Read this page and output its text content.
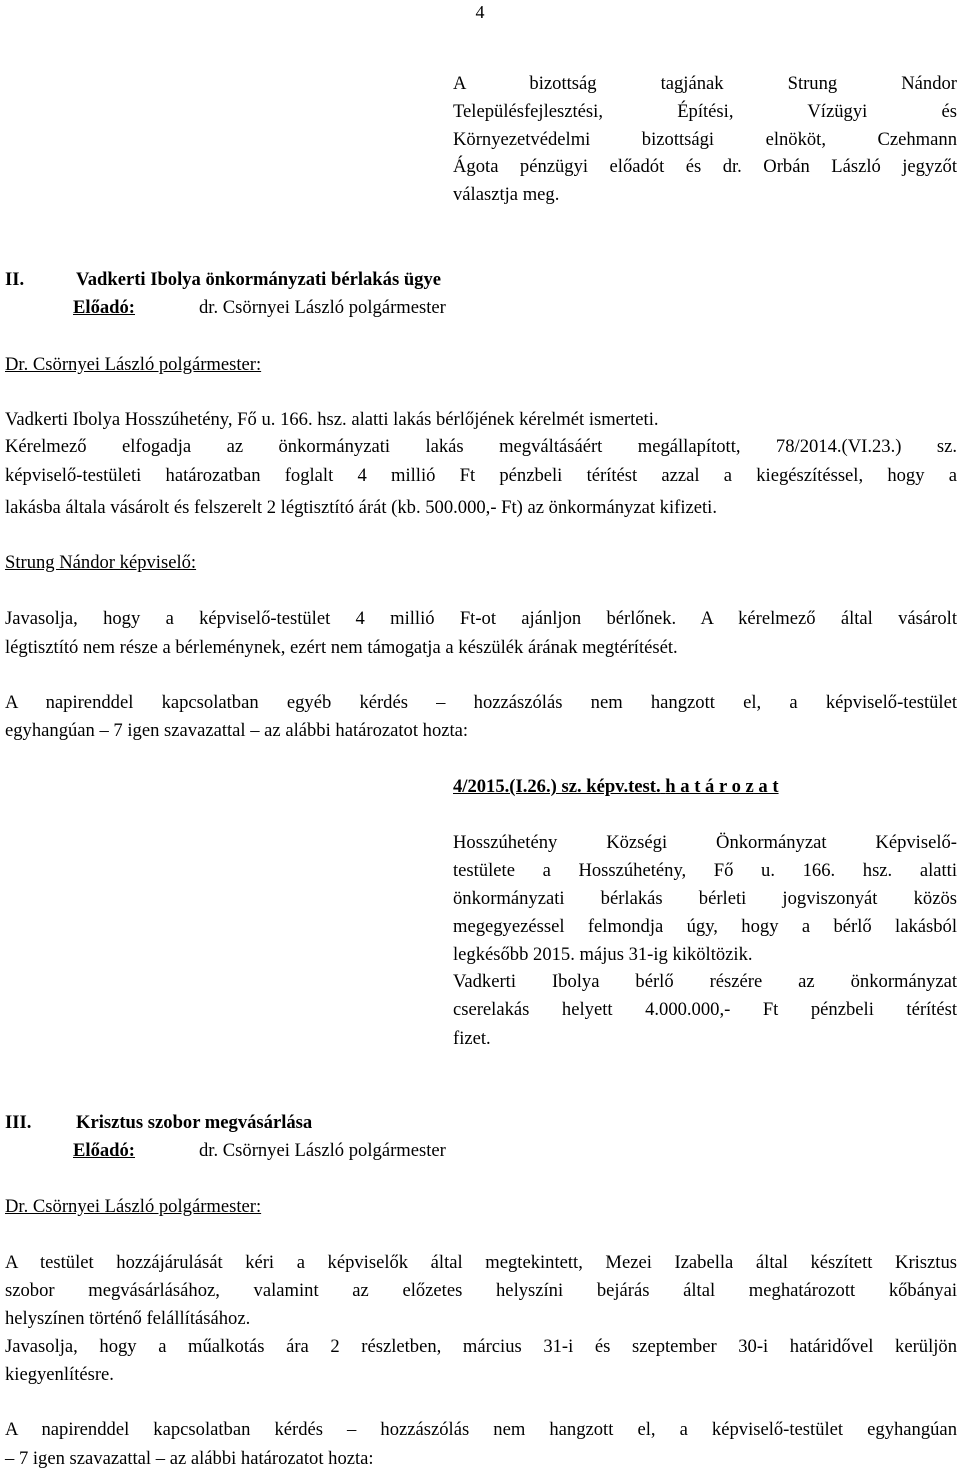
4
A bizottság tagjának Strung Nándor
Településfejlesztési, Építési, Vízügyi és
Környezetvédelmi bizottsági elnököt, Czehmann
Ágota pénzügyi előadót és dr. Orbán László jegyzőt
választja meg.
II.	Vadkerti Ibolya önkormányzati bérlakás ügye
Előadó:	dr. Csörnyei László polgármester
Dr. Csörnyei László polgármester:
Vadkerti Ibolya Hosszúhetény, Fő u. 166. hsz. alatti lakás bérlőjének kérelmét ismerteti.
Kérelmező elfogadja az önkormányzati lakás megváltásáért megállapított, 78/2014.(VI.23.) sz.
képviselő-testületi határozatban foglalt 4 millió Ft pénzbeli térítést azzal a kiegészítéssel, hogy a
lakásba általa vásárolt és felszerelt 2 légtisztító árát (kb. 500.000,- Ft) az önkormányzat kifizeti.
Strung Nándor képviselő:
Javasolja, hogy a képviselő-testület 4 millió Ft-ot ajánljon bérlőnek. A kérelmező által vásárolt
légtisztító nem része a bérleménynek, ezért nem támogatja a készülék árának megtérítését.
A napirenddel kapcsolatban egyéb kérdés – hozzászólás nem hangzott el, a képviselő-testület
egyhangúan – 7 igen szavazattal – az alábbi határozatot hozta:
4/2015.(I.26.) sz. képv.test. h a t á r o z a t
Hosszúhetény Községi Önkormányzat Képviselő-
testülete a Hosszúhetény, Fő u. 166. hsz. alatti
önkormányzati bérlakás bérleti jogviszonyát közös
megegyezéssel felmondja úgy, hogy a bérlő lakásból
legkésőbb 2015. május 31-ig kiköltözik.
Vadkerti Ibolya bérlő részére az önkormányzat
cserelakás helyett 4.000.000,- Ft pénzbeli térítést
fizet.
III. Krisztus szobor megvásárlása
Előadó:	dr. Csörnyei László polgármester
Dr. Csörnyei László polgármester:
A testület hozzájárulását kéri a képviselők által megtekintett, Mezei Izabella által készített Krisztus
szobor megvásárlásához, valamint az előzetes helyszíni bejárás által meghatározott kőbányai
helyszínen történő felállításához.
Javasolja, hogy a műalkotás ára 2 részletben, március 31-i és szeptember 30-i határidővel kerüljön
kiegyenlítésre.
A napirenddel kapcsolatban kérdés – hozzászólás nem hangzott el, a képviselő-testület egyhangúan
– 7 igen szavazattal – az alábbi határozatot hozta:
